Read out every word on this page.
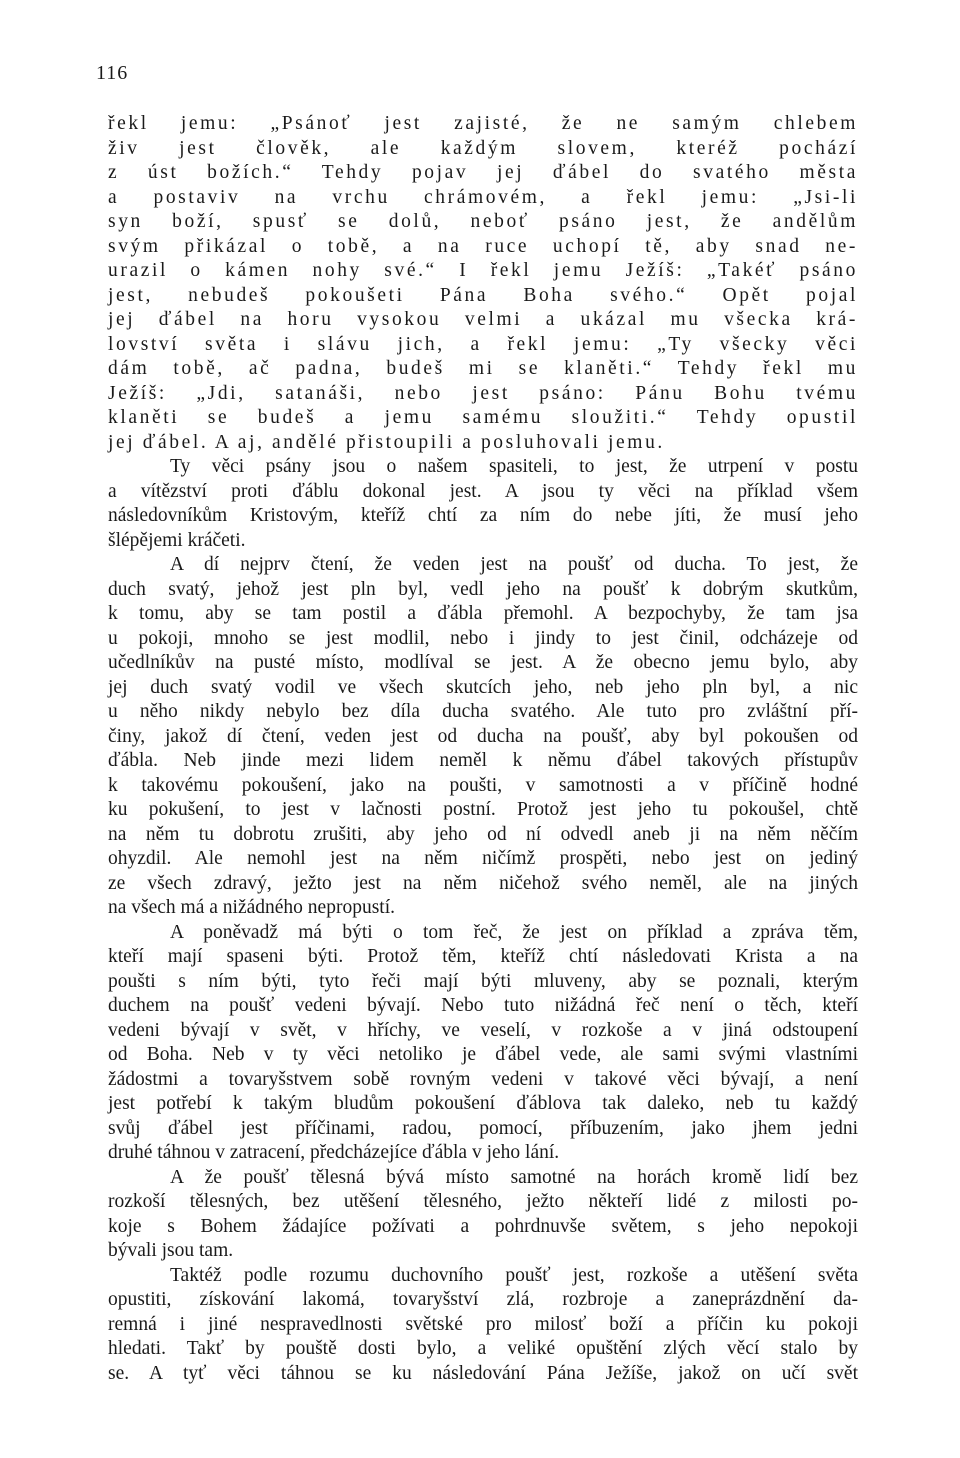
116
řekl jemu: „Psánoť jest zajisté, že ne samým chlebem
živ jest člověk, ale každým slovem, kteréž pochází
z úst božích.“ Tehdy pojav jej ďábel do svatého města
a postaviv na vrchu chrámovém, a řekl jemu: „Jsi-li
syn boží, spusť se dolů, neboť psáno jest, že andělům
svým přikázal o tobě, a na ruce uchopí tě, aby snad ne-
urazil o kámen nohy své.“ I řekl jemu Ježíš: „Takéť psáno
jest, nebudeš pokoušeti Pána Boha svého.“ Opět pojal
jej ďábel na horu vysokou velmi a ukázal mu všecka krá-
lovství světa i slávu jich, a řekl jemu: „Ty všecky věci
dám tobě, ač padna, budeš mi se klaněti.“ Tehdy řekl mu
Ježíš: „Jdi, satanáši, nebo jest psáno: Pánu Bohu tvému
klaněti se budeš a jemu samému sloužiti.“ Tehdy opustil
jej ďábel. A aj, andělé přistoupili a posluhovali jemu.
Ty věci psány jsou o našem spasiteli, to jest, že utrpení v postu
a vítězství proti ďáblu dokonal jest. A jsou ty věci na příklad všem
následovníkům Kristovým, kteříž chtí za ním do nebe jíti, že musí jeho
šlépějemi kráčeti.
A dí nejprv čtení, že veden jest na poušť od ducha. To jest, že
duch svatý, jehož jest pln byl, vedl jeho na poušť k dobrým skutkům,
k tomu, aby se tam postil a ďábla přemohl. A bezpochyby, že tam jsa
u pokoji, mnoho se jest modlil, nebo i jindy to jest činil, odcházeje od
učedlníkův na pusté místo, modlíval se jest. A že obecno jemu bylo, aby
jej duch svatý vodil ve všech skutcích jeho, neb jeho pln byl, a nic
u něho nikdy nebylo bez díla ducha svatého. Ale tuto pro zvláštní pří-
činy, jakož dí čtení, veden jest od ducha na poušť, aby byl pokoušen od
ďábla. Neb jinde mezi lidem neměl k němu ďábel takových přístupův
k takovému pokoušení, jako na poušti, v samotnosti a v příčině hodné
ku pokušení, to jest v lačnosti postní. Protož jest jeho tu pokoušel, chtě
na něm tu dobrotu zrušiti, aby jeho od ní odvedl aneb ji na něm něčím
ohyzdil. Ale nemohl jest na něm ničímž prospěti, nebo jest on jediný
ze všech zdravý, ježto jest na něm ničehož svého neměl, ale na jiných
na všech má a nižádného nepropustí.
A poněvadž má býti o tom řeč, že jest on příklad a zpráva těm,
kteří mají spaseni býti. Protož těm, kteříž chtí následovati Krista a na
poušti s ním býti, tyto řeči mají býti mluveny, aby se poznali, kterým
duchem na poušť vedeni bývají. Nebo tuto nižádná řeč není o těch, kteří
vedeni bývají v svět, v hříchy, ve veselí, v rozkoše a v jiná odstoupení
od Boha. Neb v ty věci netoliko je ďábel vede, ale sami svými vlastními
žádostmi a tovaryšstvem sobě rovným vedeni v takové věci bývají, a není
jest potřebí k takým bludům pokoušení ďáblova tak daleko, neb tu každý
svůj ďábel jest příčinami, radou, pomocí, příbuzením, jako jhem jedni
druhé táhnou v zatracení, předcházejíce ďábla v jeho lání.
A že poušť tělesná bývá místo samotné na horách kromě lidí bez
rozkoší tělesných, bez utěšení tělesného, ježto někteří lidé z milosti po-
koje s Bohem žádajíce požívati a pohrdnuvše světem, s jeho nepokoji
bývali jsou tam.
Taktéž podle rozumu duchovního poušť jest, rozkoše a utěšení světa
opustiti, získování lakomá, tovaryšství zlá, rozbroje a zaneprázdnění da-
remná i jiné nespravedlnosti světské pro milosť boží a příčin ku pokoji
hledati. Takť by pouště dosti bylo, a veliké opuštění zlých věcí stalo by
se. A tyť věci táhnou se ku následování Pána Ježíše, jakož on učí svět
